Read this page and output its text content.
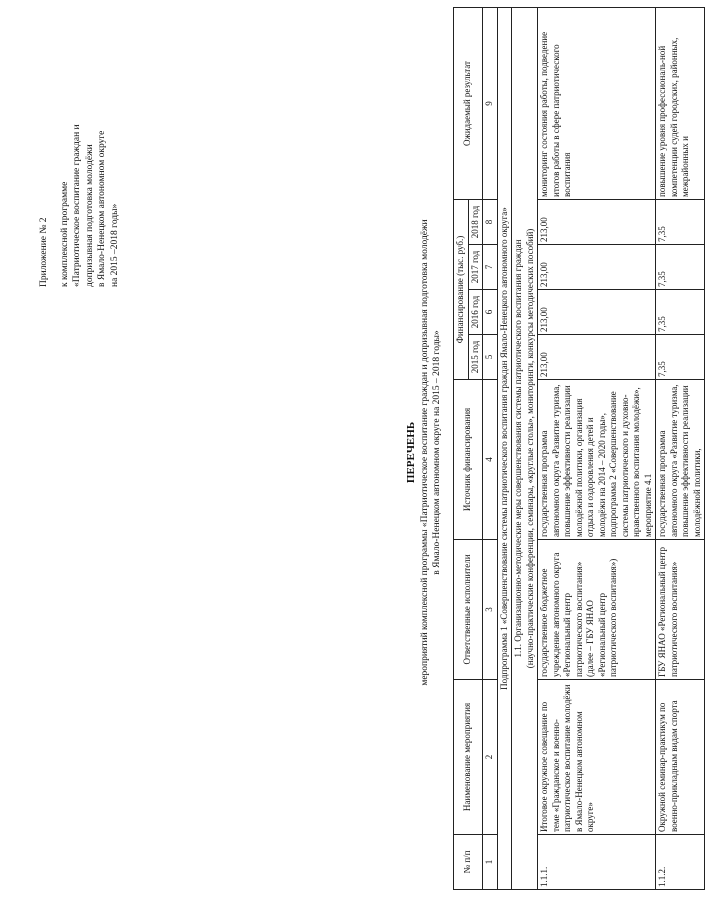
Приложение № 2 к комплексной программе «Патриотическое воспитание граждан и допризывная подготовка молодёжи в Ямало-Ненецком автономном округе на 2015 –2018 годы»
ПЕРЕЧЕНЬ мероприятий комплексной программы «Патриотическое воспитание граждан и допризывная подготовка молодёжи в Ямало-Ненецком автономном округе на 2015 – 2018 годы»
№ п/п	Наименование мероприятия	Ответственные исполнители	Источник финансирования	Финансирование (тыс. руб.)				Ожидаемый результат
				2015 год	2016 год	2017 год	2018 год	
1	2	3	4	5	6	7	8	9
Подпрограмма 1 «Совершенствование системы патриотического воспитания граждан Ямало-Ненецкого автономного округа»								

1.1. Организационно-методические меры совершенствования системы патриотического воспитания граждан (научно-практические конференции, семинары, «круглые столы», мониторинги, конкурсы методических пособий)								

1.1.1.	Итоговое окружное совещание по теме «Гражданское и военно-патриотическое воспитание молодёжи в Ямало-Ненецком автономном округе»	государственное бюджетное учреждение автономного округа «Региональный центр патриотического воспитания» (далее – ГБУ ЯНАО «Региональный центр патриотического воспитания»)	государственная программа автономного округа «Развитие туризма, повышение эффективности реализации молодёжной политики, организация отдыха и оздоровления детей и молодёжи на 2014 – 2020 годы», подпрограмма 2 «Совершенствование системы патриотического и духовно-нравственного воспитания молодёжи», мероприятие 4.1	213,00	213,00	213,00	213,00	мониторинг состояния работы, подведение итогов работы в сфере патриотического воспитания
1.1.2.	Окружной семинар-практикум по военно-прикладным видам спорта	ГБУ ЯНАО «Региональный центр патриотического воспитания»	государственная программа автономного округа «Развитие туризма, повышение эффективности реализации молодёжной политики,	7,35	7,35	7,35	7,35	повышение уровня профессиональ-ной компетенции судей городских, районных, межрайонных и
